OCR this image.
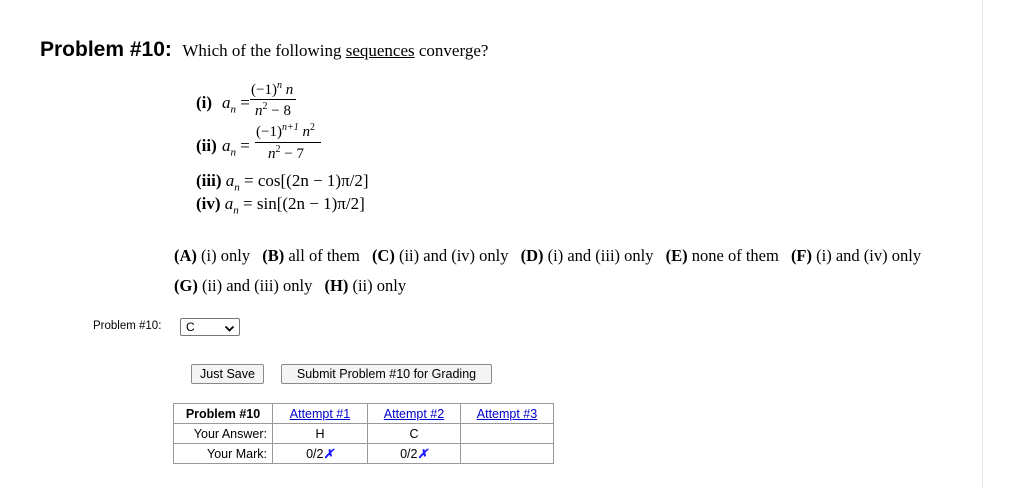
Problem #10: Which of the following sequences converge?
(i) $a_n$ =
$(-1)^n$ n
$n^2 - 8$
(ii) $a_n$ =
$(-1)^{n+1}$ $n^2$
$n^2 - 7$
(iii) $a_n = \cos[(2n - 1)\pi/2]$
(iv) $a_n = \sin[(2n - 1)\pi/2]$
(A) (i) only (B) all of them (C) (ii) and (iv) only (D) (i) and (iii) only (E) none of them (F) (i) and (iv) only
(G) (ii) and (iii) only (H) (ii) only
Problem #10: C
Just Save	Submit Problem #10 for Grading
Problem #10	Attempt #1	Attempt #2	Attempt #3
Your Answer:	H	C	
Your Mark:	0/2✗	0/2✗	
